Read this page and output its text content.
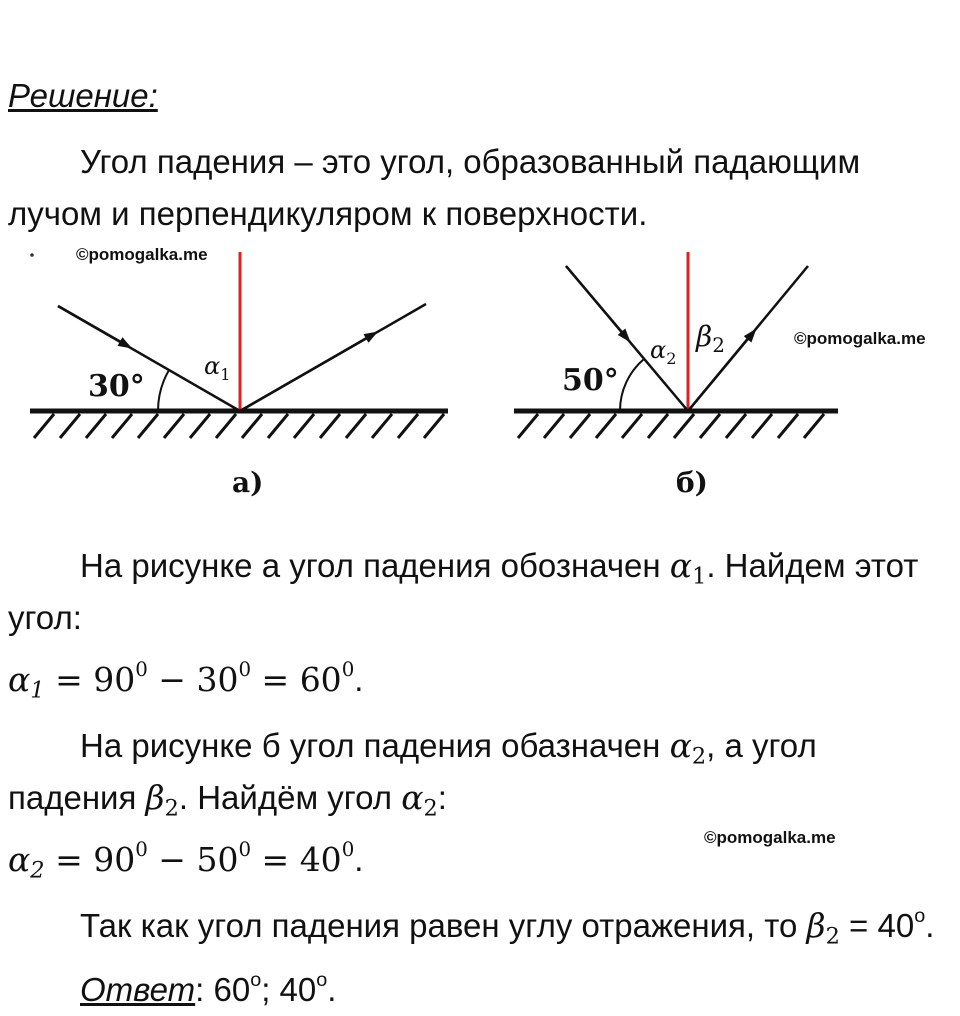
Решение:
Угол падения – это угол, образованный падающим
лучом и перпендикуляром к поверхности.
30°
$\alpha_1$
а)
©pomogalka.me
50°
$\alpha_2$
$\beta_2$
б)
©pomogalka.me
На рисунке а угол падения обозначен $\alpha_1$. Найдем этот
угол:
$\alpha_1 = 90^0 - 30^0 = 60^0$.
На рисунке б угол падения обазначен $\alpha_2$, а угол
падения $\beta_2$. Найдём угол $\alpha_2$:
©pomogalka.me
$\alpha_2 = 90^0 - 50^0 = 40^0$.
Так как угол падения равен углу отражения, то $\beta_2 = 40^o$.
Ответ: 60$^o$; 40$^o$.
